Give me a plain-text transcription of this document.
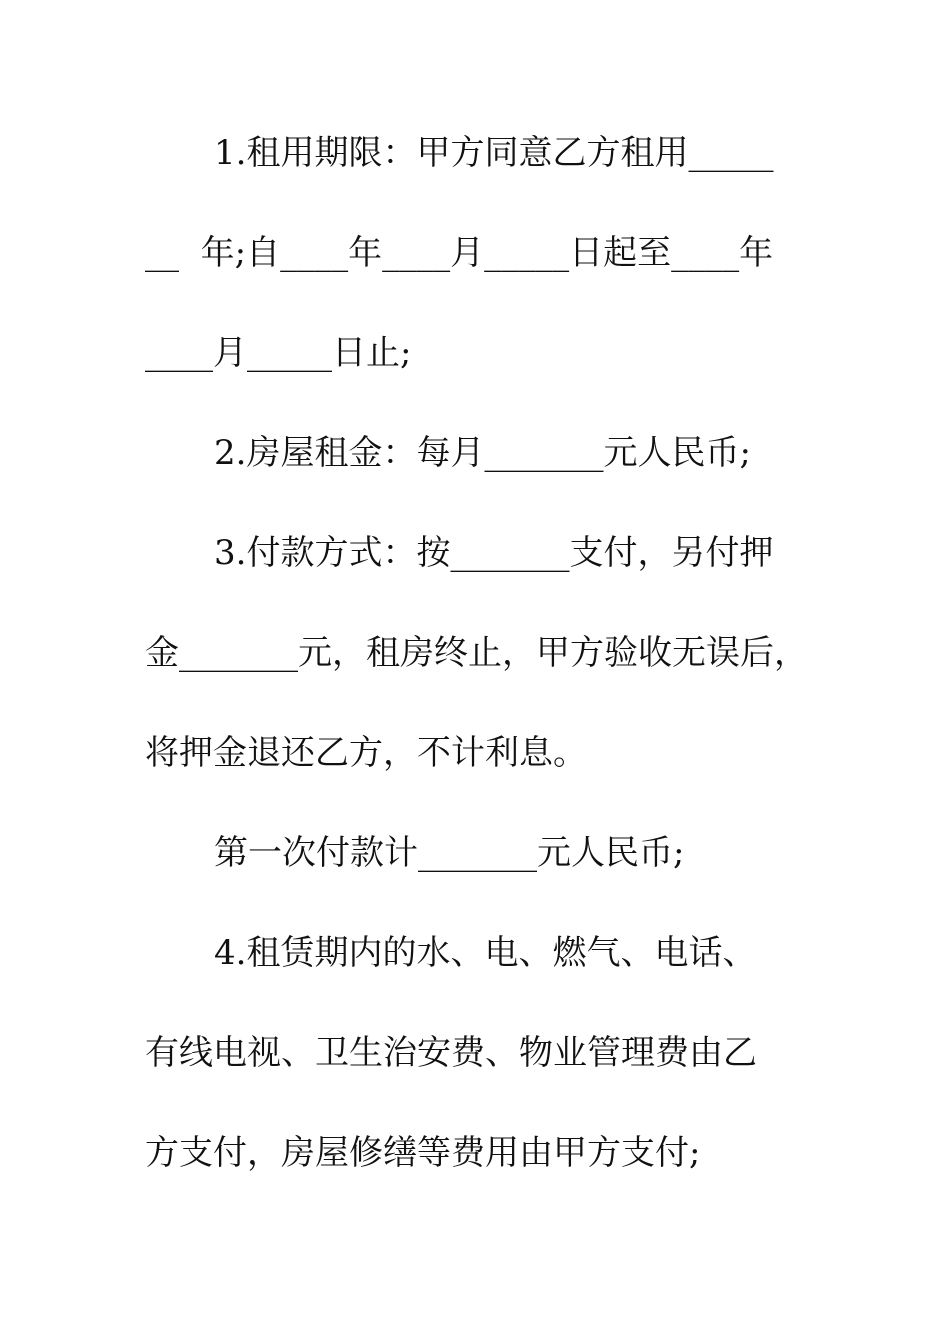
1.租用期限：甲方同意乙方租用_____
__  年;自____年____月_____日起至____年
____月_____日止;
2.房屋租金：每月_______元人民币;
3.付款方式：按_______支付，另付押
金_______元，租房终止，甲方验收无误后，
将押金退还乙方，不计利息。
第一次付款计_______元人民币;
4.租赁期内的水、电、燃气、电话、
有线电视、卫生治安费、物业管理费由乙
方支付，房屋修缮等费用由甲方支付;
